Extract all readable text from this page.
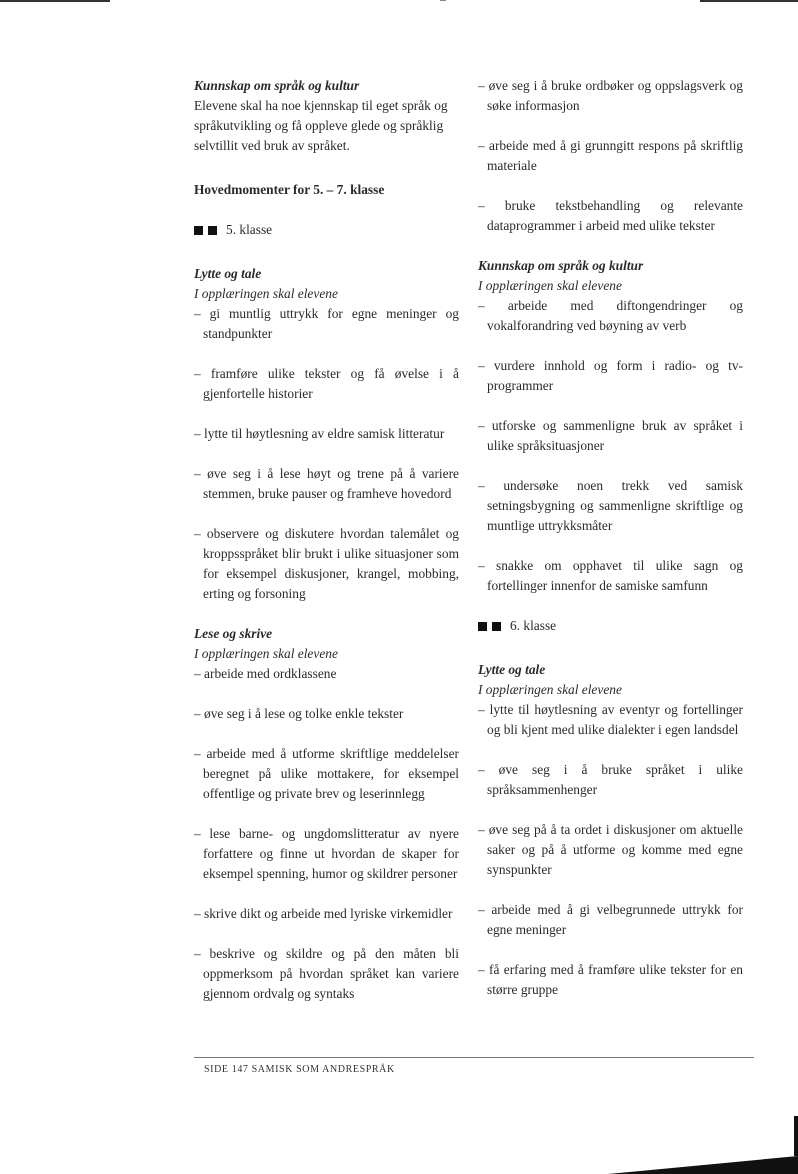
Kunnskap om språk og kultur

Elevene skal ha noe kjennskap til eget språk og språkutvikling og få oppleve glede og språklig selvtillit ved bruk av språket.

Hovedmomenter for 5. – 7. klasse

5. klasse

Lytte og tale

I opplæringen skal elevene

– gi muntlig uttrykk for egne meninger og standpunkter

– framføre ulike tekster og få øvelse i å gjenfortelle historier

– lytte til høytlesning av eldre samisk litteratur

– øve seg i å lese høyt og trene på å variere stemmen, bruke pauser og framheve hovedord

– observere og diskutere hvordan talemålet og kroppsspråket blir brukt i ulike situasjoner som for eksempel diskusjoner, krangel, mobbing, erting og forsoning

Lese og skrive

I opplæringen skal elevene

– arbeide med ordklassene

– øve seg i å lese og tolke enkle tekster

– arbeide med å utforme skriftlige meddelelser beregnet på ulike mottakere, for eksempel offentlige og private brev og leserinnlegg

– lese barne- og ungdomslitteratur av nyere forfattere og finne ut hvordan de skaper for eksempel spenning, humor og skildrer personer

– skrive dikt og arbeide med lyriske virkemidler

– beskrive og skildre og på den måten bli oppmerksom på hvordan språket kan variere gjennom ordvalg og syntaks

– øve seg i å bruke ordbøker og oppslagsverk og søke informasjon

– arbeide med å gi grunngitt respons på skriftlig materiale

– bruke tekstbehandling og relevante dataprogrammer i arbeid med ulike tekster

Kunnskap om språk og kultur

I opplæringen skal elevene

– arbeide med diftongendringer og vokalforandring ved bøyning av verb

– vurdere innhold og form i radio- og tv-programmer

– utforske og sammenligne bruk av språket i ulike språksituasjoner

– undersøke noen trekk ved samisk setningsbygning og sammenligne skriftlige og muntlige uttrykksmåter

– snakke om opphavet til ulike sagn og fortellinger innenfor de samiske samfunn

6. klasse

Lytte og tale

I opplæringen skal elevene

– lytte til høytlesning av eventyr og fortellinger og bli kjent med ulike dialekter i egen landsdel

– øve seg i å bruke språket i ulike språksammenhenger

– øve seg på å ta ordet i diskusjoner om aktuelle saker og på å utforme og komme med egne synspunkter

– arbeide med å gi velbegrunnede uttrykk for egne meninger

– få erfaring med å framføre ulike tekster for en større gruppe

SIDE 147 SAMISK SOM ANDRESPRÅK
